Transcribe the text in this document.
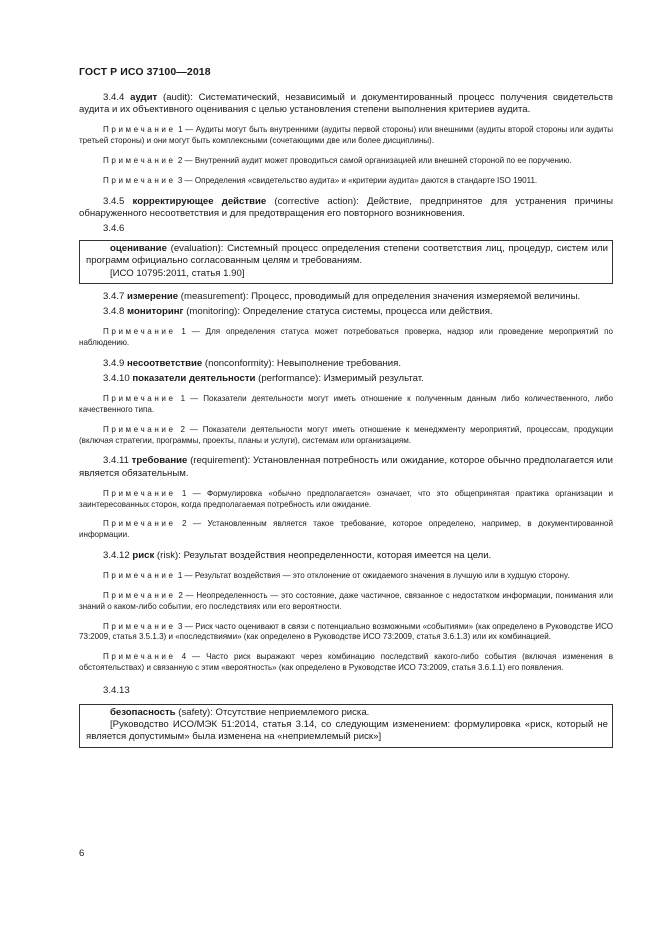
ГОСТ Р ИСО 37100—2018

3.4.4 аудит (audit): Систематический, независимый и документированный процесс получения свидетельств аудита и их объективного оценивания с целью установления степени выполнения критериев аудита.

Примечание 1 — Аудиты могут быть внутренними (аудиты первой стороны) или внешними (аудиты второй стороны или аудиты третьей стороны) и они могут быть комплексными (сочетающими две или более дисциплины).

Примечание 2 — Внутренний аудит может проводиться самой организацией или внешней стороной по ее поручению.

Примечание 3 — Определения «свидетельство аудита» и «критерии аудита» даются в стандарте ISO 19011.

3.4.5 корректирующее действие (corrective action): Действие, предпринятое для устранения причины обнаруженного несоответствия и для предотвращения его повторного возникновения.

3.4.6

оценивание (evaluation): Системный процесс определения степени соответствия лиц, процедур, систем или программ официально согласованным целям и требованиям.

[ИСО 10795:2011, статья 1.90]

3.4.7 измерение (measurement): Процесс, проводимый для определения значения измеряемой величины.

3.4.8 мониторинг (monitoring): Определение статуса системы, процесса или действия.

Примечание 1 — Для определения статуса может потребоваться проверка, надзор или проведение мероприятий по наблюдению.

3.4.9 несоответствие (nonconformity): Невыполнение требования.

3.4.10 показатели деятельности (performance): Измеримый результат.

Примечание 1 — Показатели деятельности могут иметь отношение к полученным данным либо количественного, либо качественного типа.

Примечание 2 — Показатели деятельности могут иметь отношение к менеджменту мероприятий, процессам, продукции (включая стратегии, программы, проекты, планы и услуги), системам или организациям.

3.4.11 требование (requirement): Установленная потребность или ожидание, которое обычно предполагается или является обязательным.

Примечание 1 — Формулировка «обычно предполагается» означает, что это общепринятая практика организации и заинтересованных сторон, когда предполагаемая потребность или ожидание.

Примечание 2 — Установленным является такое требование, которое определено, например, в документированной информации.

3.4.12 риск (risk): Результат воздействия неопределенности, которая имеется на цели.

Примечание 1 — Результат воздействия — это отклонение от ожидаемого значения в лучшую или в худшую сторону.

Примечание 2 — Неопределенность — это состояние, даже частичное, связанное с недостатком информации, понимания или знаний о каком-либо событии, его последствиях или его вероятности.

Примечание 3 — Риск часто оценивают в связи с потенциально возможными «событиями» (как определено в Руководстве ИСО 73:2009, статья 3.5.1.3) и «последствиями» (как определено в Руководстве ИСО 73:2009, статья 3.6.1.3) или их комбинацией.

Примечание 4 — Часто риск выражают через комбинацию последствий какого-либо события (включая изменения в обстоятельствах) и связанную с этим «вероятность» (как определено в Руководстве ИСО 73:2009, статья 3.6.1.1) его появления.

3.4.13

безопасность (safety): Отсутствие неприемлемого риска.

[Руководство ИСО/МЭК 51:2014, статья 3.14, со следующим изменением: формулировка «риск, который не является допустимым» была изменена на «неприемлемый риск»]

6
